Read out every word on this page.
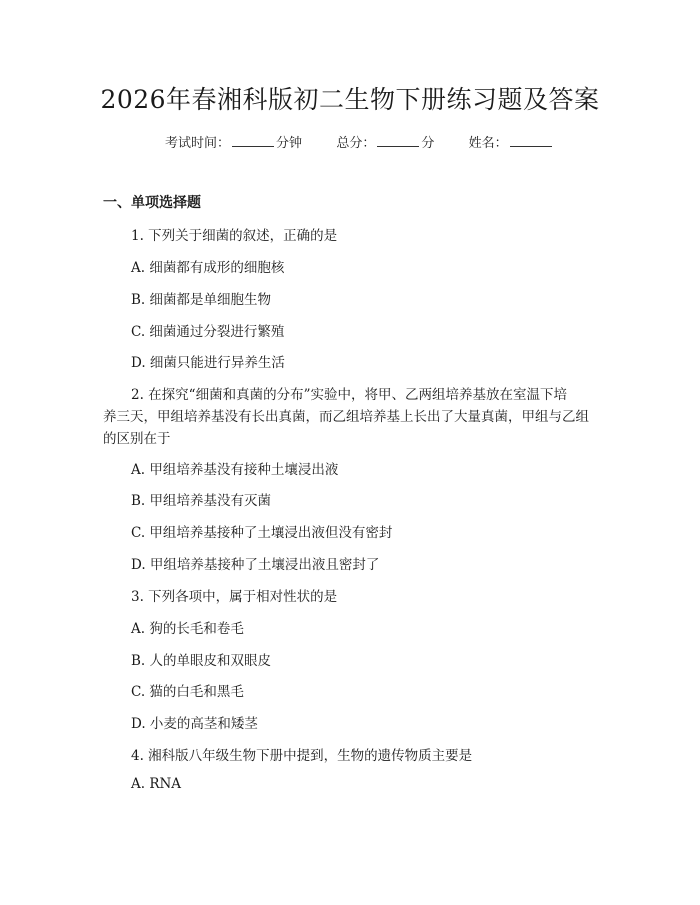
2026年春湘科版初二生物下册练习题及答案
考试时间：	分钟	总分：	分	姓名：
一、单项选择题
1. 下列关于细菌的叙述，正确的是
A. 细菌都有成形的细胞核
B. 细菌都是单细胞生物
C. 细菌通过分裂进行繁殖
D. 细菌只能进行异养生活
2. 在探究“细菌和真菌的分布”实验中，将甲、乙两组培养基放在室温下培
养三天，甲组培养基没有长出真菌，而乙组培养基上长出了大量真菌，甲组与乙组
的区别在于
A. 甲组培养基没有接种土壤浸出液
B. 甲组培养基没有灭菌
C. 甲组培养基接种了土壤浸出液但没有密封
D. 甲组培养基接种了土壤浸出液且密封了
3. 下列各项中，属于相对性状的是
A. 狗的长毛和卷毛
B. 人的单眼皮和双眼皮
C. 猫的白毛和黑毛
D. 小麦的高茎和矮茎
4. 湘科版八年级生物下册中提到，生物的遗传物质主要是
A. RNA
